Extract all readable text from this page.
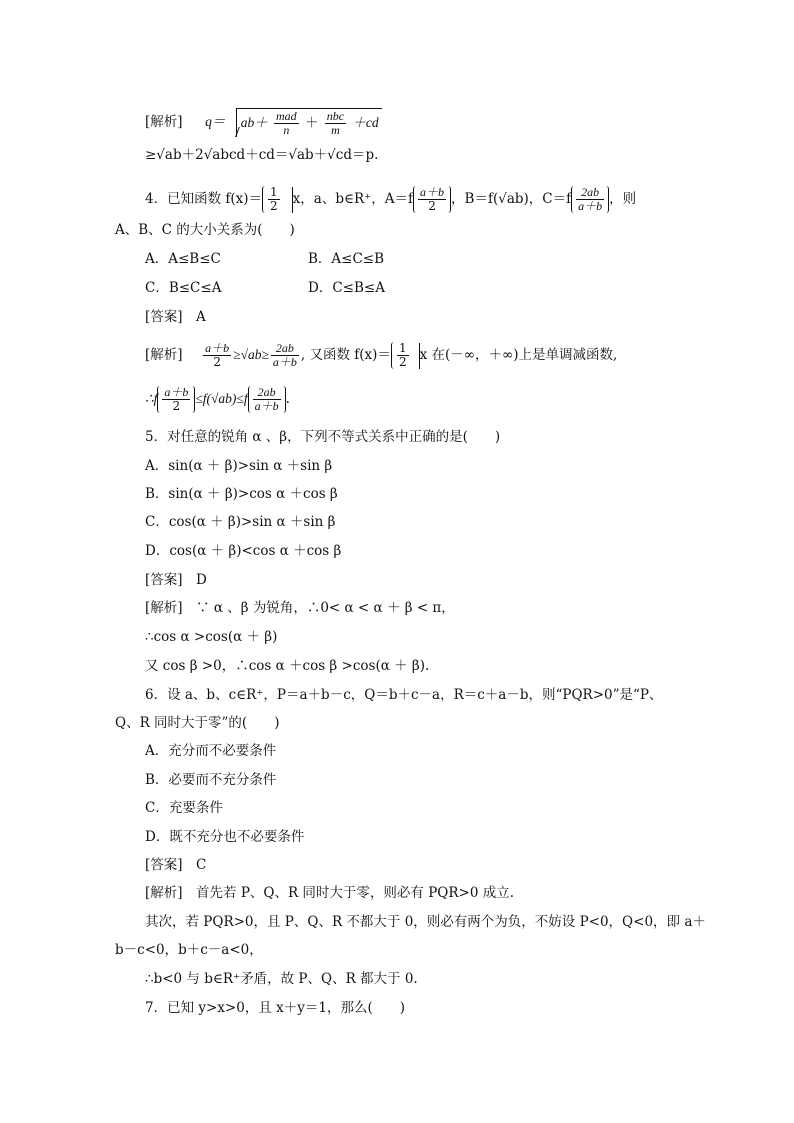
[解析] $q= ab+ \frac{\text{mad}}{n} + \frac{\text{nbc}}{m} +cd$
≥√ab＋2√abcd＋cd＝√ab＋√cd＝p.
4．已知函数 $f(x)= \frac{1}{2}$ x，a、b∈R⁺，$A=f \frac{a+b}{2}$ ，B＝f(√ab)，$C=f \frac{2ab}{a+b}$ ，则
A、B、C 的大小关系为(　　)
A．A≤B≤C	B．A≤C≤B
C．B≤C≤A	D．C≤B≤A
[答案]　A
[解析] $\frac{a+b}{2} \ge√ab\ge \frac{2ab}{a+b}$ , 又函数 $f(x)= \frac{1}{2}$ x 在(－∞，＋∞)上是单调减函数,
∴f $\frac{a+b}{2} \le f(√ab)\le f \frac{2ab}{a+b}$ .
5．对任意的锐角 α 、β，下列不等式关系中正确的是(　　)
A．sin(α ＋ β)>sin α ＋sin β
B．sin(α ＋ β)>cos α ＋cos β
C．cos(α ＋ β)>sin α ＋sin β
D．cos(α ＋ β)<cos α ＋cos β
[答案]　D
[解析]　∵ α 、β 为锐角，∴0< α < α ＋ β < π，
∴cos α >cos(α ＋ β)
又 cos β >0，∴cos α ＋cos β >cos(α ＋ β).
6．设 a、b、c∈R⁺，P＝a＋b－c，Q＝b＋c－a，R＝c＋a－b，则“PQR>0”是“P、
Q、R 同时大于零”的(　　)
A．充分而不必要条件
B．必要而不充分条件
C．充要条件
D．既不充分也不必要条件
[答案]　C
[解析]　首先若 P、Q、R 同时大于零，则必有 PQR>0 成立.
其次，若 PQR>0，且 P、Q、R 不都大于 0，则必有两个为负，不妨设 P<0，Q<0，即 a＋
b－c<0，b＋c－a<0，
∴b<0 与 b∈R⁺矛盾，故 P、Q、R 都大于 0.
7．已知 y>x>0，且 x＋y＝1，那么(　　)
